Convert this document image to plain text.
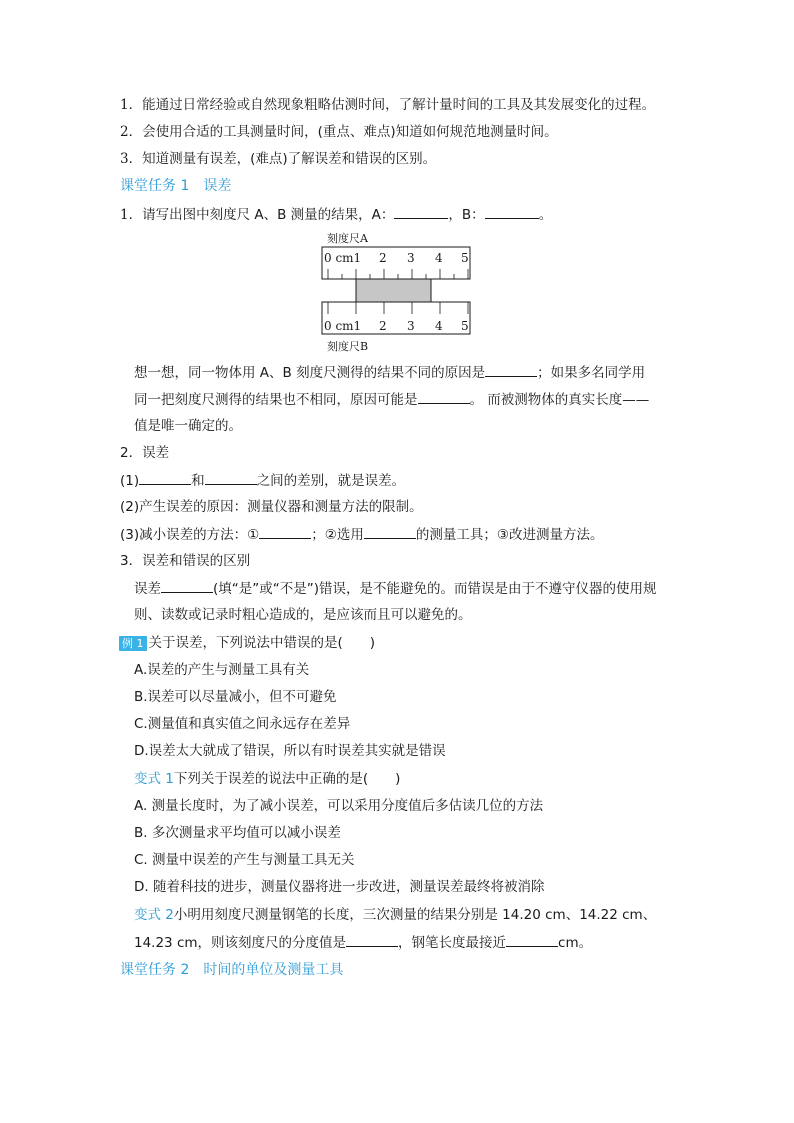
1．能通过日常经验或自然现象粗略估测时间，了解计量时间的工具及其发展变化的过程。
2．会使用合适的工具测量时间，(重点、难点)知道如何规范地测量时间。
3．知道测量有误差，(难点)了解误差和错误的区别。
课堂任务 1　误差
1．请写出图中刻度尺 A、B 测量的结果，A：	，B：	。
刻度尺A
0 cm1 2 3 4 5
0 cm1 2 3 4 5
刻度尺B
想一想，同一物体用 A、B 刻度尺测得的结果不同的原因是	；如果多名同学用
同一把刻度尺测得的结果也不相同，原因可能是	。 而被测物体的真实长度——
值是唯一确定的。
2．误差
(1)	和	之间的差别，就是误差。
(2)产生误差的原因：测量仪器和测量方法的限制。
(3)减小误差的方法：①	；②选用	的测量工具；③改进测量方法。
3．误差和错误的区别
误差	(填“是”或“不是”)错误，是不能避免的。而错误是由于不遵守仪器的使用规
则、读数或记录时粗心造成的，是应该而且可以避免的。
例 1 关于误差，下列说法中错误的是(　　)
A.误差的产生与测量工具有关
B.误差可以尽量减小，但不可避免
C.测量值和真实值之间永远存在差异
D.误差太大就成了错误，所以有时误差其实就是错误
变式 1下列关于误差的说法中正确的是(　　)
A. 测量长度时，为了减小误差，可以采用分度值后多估读几位的方法
B. 多次测量求平均值可以减小误差
C. 测量中误差的产生与测量工具无关
D. 随着科技的进步，测量仪器将进一步改进，测量误差最终将被消除
变式 2小明用刻度尺测量钢笔的长度，三次测量的结果分别是 14.20 cm、14.22 cm、
14.23 cm，则该刻度尺的分度值是	，钢笔长度最接近	cm。
课堂任务 2　时间的单位及测量工具
